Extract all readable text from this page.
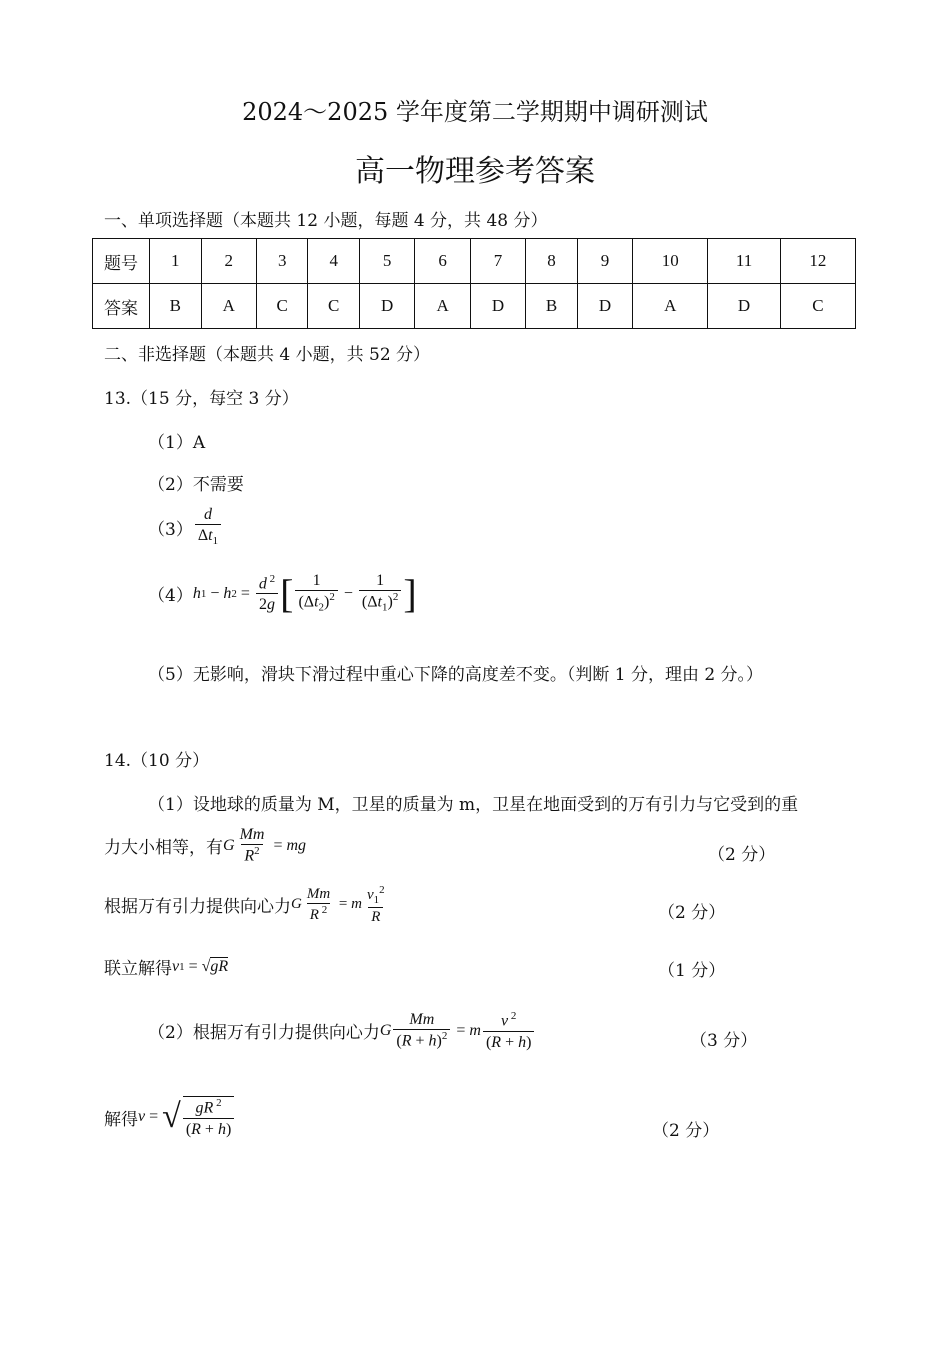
2024～2025 学年度第二学期期中调研测试
高一物理参考答案
一、单项选择题（本题共 12 小题，每题 4 分，共 48 分）
题号	1	2	3	4	5	6	7	8	9	10	11	12
答案	B	A	C	C	D	A	D	B	D	A	D	C
二、非选择题（本题共 4 小题，共 52 分）
13.（15 分，每空 3 分）
（1）A
（2）不需要
$(3) \frac{d}{\Delta t_1}$
（4） h 1 − h $2 = \frac{d ^2}{2g}$ [ $\frac{1}{(\Delta t_2)^2} - \frac{1}{(\Delta t_1)^2}$ ]
（5）无影响，滑块下滑过程中重心下降的高度差不变。（判断 1 分，理由 2 分。）
14.（10 分）
（1）设地球的质量为 M，卫星的质量为 m，卫星在地面受到的万有引力与它受到的重
力大小相等，有 G $\frac{Mm}{R^2}$ = mg	（2 分）
根据万有引力提供向心力 G $\frac{Mm}{R ^2} = m \frac{v_1^2}{R}$	（2 分）
联立解得 v 1 = √ gR	（1 分）
（2）根据万有引力提供向心力 G $\frac{Mm}{(R + h)^2} = m \frac{v ^2}{(R + h)}$	（3 分）
解得 v = √ $\frac{gR ^2}{(R + h)}$	（2 分）
